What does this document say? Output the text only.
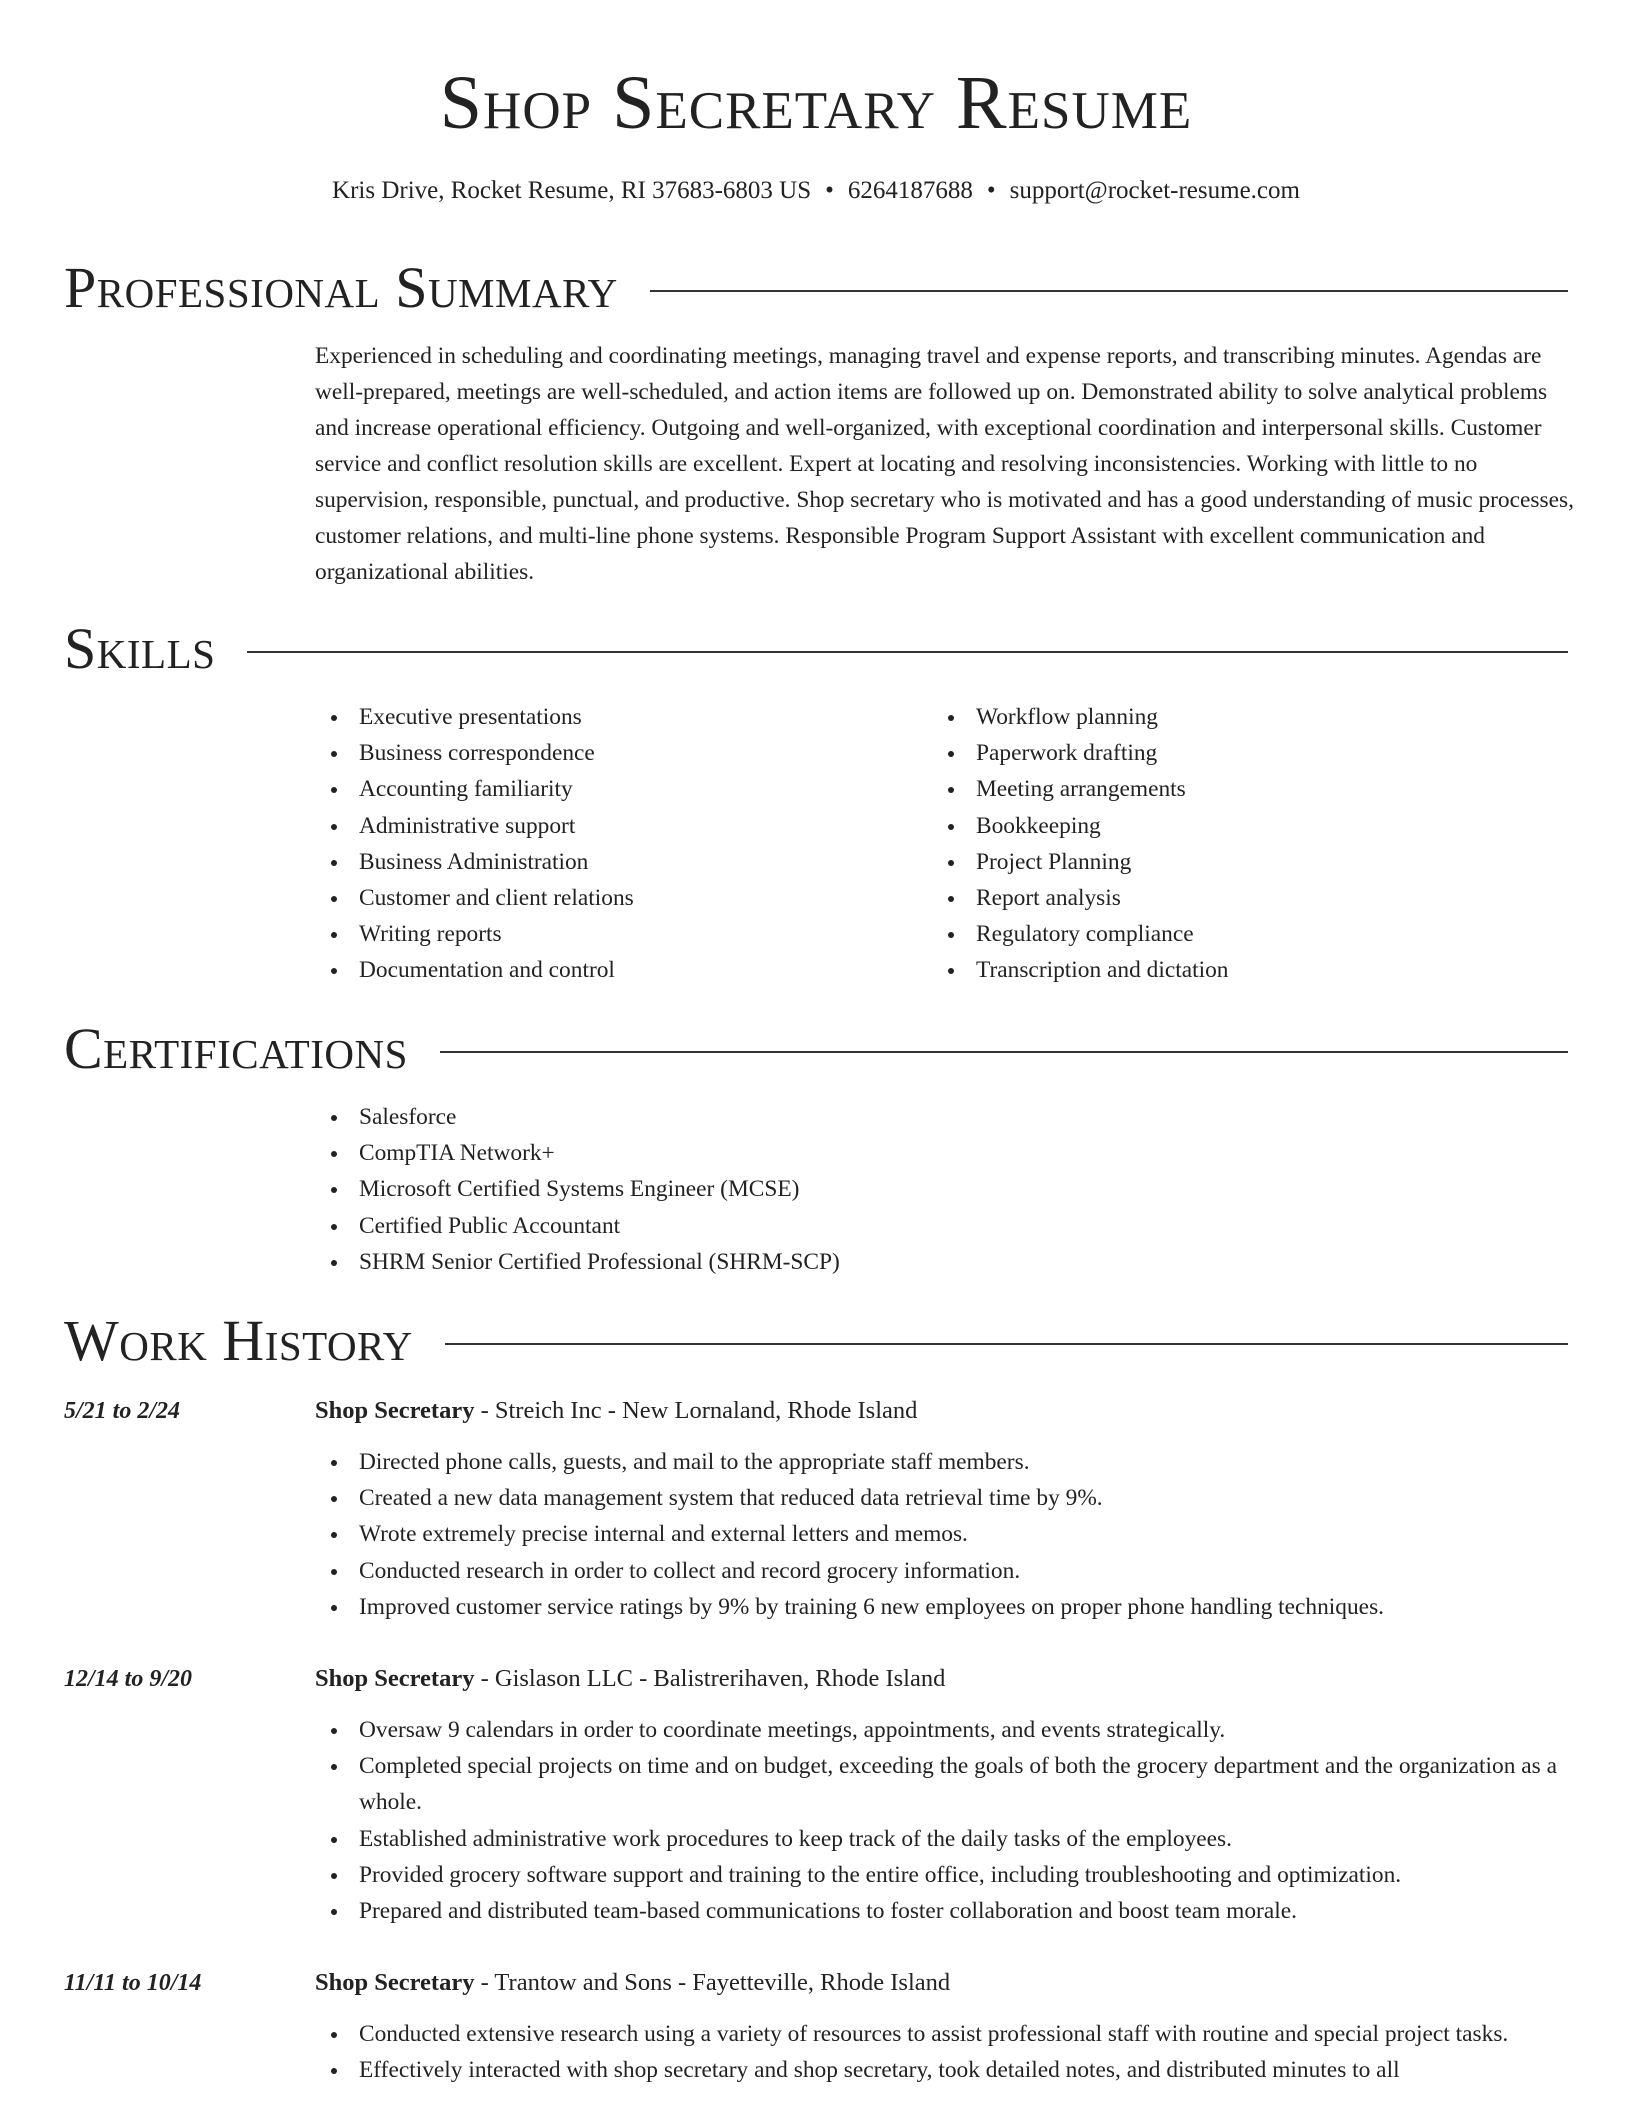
Shop Secretary Resume
Kris Drive, Rocket Resume, RI 37683-6803 US • 6264187688 • support@rocket-resume.com
Professional Summary

Experienced in scheduling and coordinating meetings, managing travel and expense reports, and transcribing minutes. Agendas are well-prepared, meetings are well-scheduled, and action items are followed up on. Demonstrated ability to solve analytical problems and increase operational efficiency. Outgoing and well-organized, with exceptional coordination and interpersonal skills. Customer service and conflict resolution skills are excellent. Expert at locating and resolving inconsistencies. Working with little to no supervision, responsible, punctual, and productive. Shop secretary who is motivated and has a good understanding of music processes, customer relations, and multi-line phone systems. Responsible Program Support Assistant with excellent communication and organizational abilities.

Skills
Executive presentations
Business correspondence
Accounting familiarity
Administrative support
Business Administration
Customer and client relations
Writing reports
Documentation and control
Workflow planning
Paperwork drafting
Meeting arrangements
Bookkeeping
Project Planning
Report analysis
Regulatory compliance
Transcription and dictation
Certifications
Salesforce
CompTIA Network+
Microsoft Certified Systems Engineer (MCSE)
Certified Public Accountant
SHRM Senior Certified Professional (SHRM-SCP)
Work History
5/21 to 2/24	Shop Secretary - Streich Inc - New Lornaland, Rhode Island
Directed phone calls, guests, and mail to the appropriate staff members.
Created a new data management system that reduced data retrieval time by 9%.
Wrote extremely precise internal and external letters and memos.
Conducted research in order to collect and record grocery information.
Improved customer service ratings by 9% by training 6 new employees on proper phone handling techniques.
12/14 to 9/20	Shop Secretary - Gislason LLC - Balistrerihaven, Rhode Island
Oversaw 9 calendars in order to coordinate meetings, appointments, and events strategically.
Completed special projects on time and on budget, exceeding the goals of both the grocery department and the organization as a whole.
Established administrative work procedures to keep track of the daily tasks of the employees.
Provided grocery software support and training to the entire office, including troubleshooting and optimization.
Prepared and distributed team-based communications to foster collaboration and boost team morale.
11/11 to 10/14	Shop Secretary - Trantow and Sons - Fayetteville, Rhode Island
Conducted extensive research using a variety of resources to assist professional staff with routine and special project tasks.
Effectively interacted with shop secretary and shop secretary, took detailed notes, and distributed minutes to all
